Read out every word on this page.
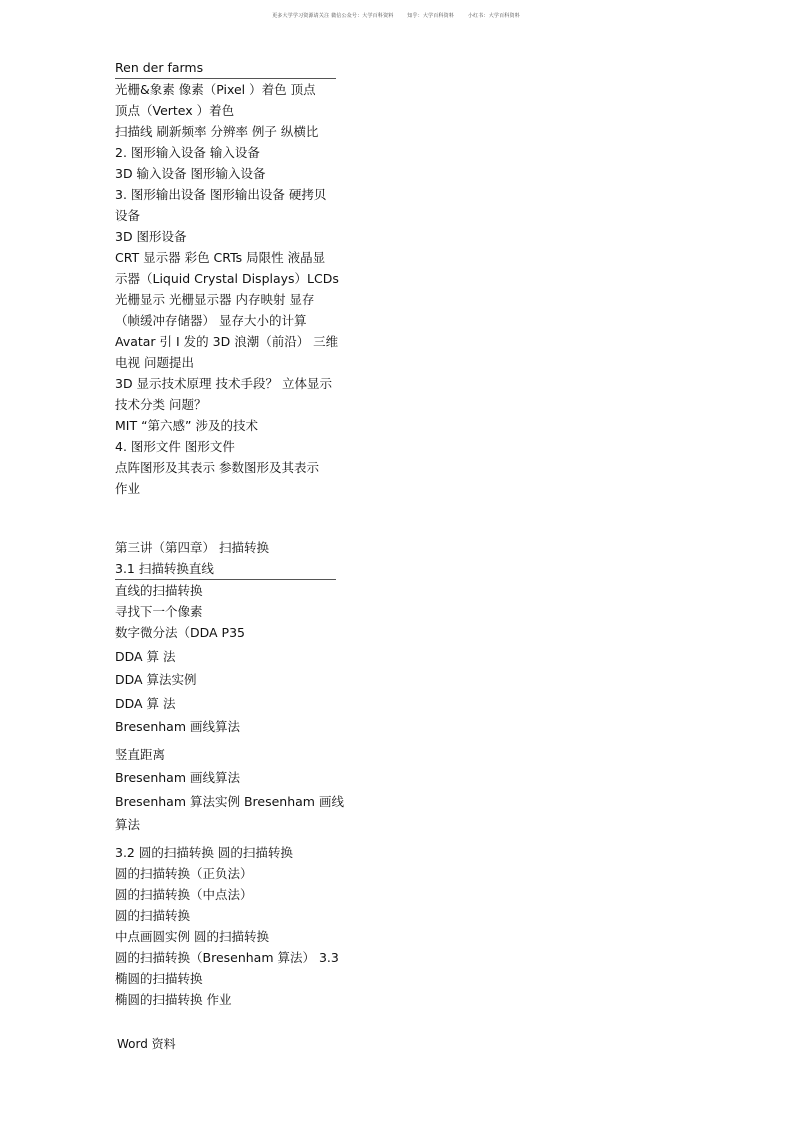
更多大学学习资源请关注 微信公众号：大学百科资料	知乎：大学百科资料	小红书：大学百科资料
Ren der farms
光栅&象素 像素（Pixel ）着色 顶点
顶点（Vertex ）着色
扫描线 刷新频率 分辨率 例子 纵横比
2. 图形输入设备 输入设备
3D 输入设备 图形输入设备
3. 图形输出设备 图形输出设备 硬拷贝
设备
3D 图形设备
CRT 显示器 彩色 CRTs 局限性 液晶显
示器（Liquid Crystal Displays）LCDs
光栅显示 光栅显示器 内存映射 显存
（帧缓冲存储器） 显存大小的计算
Avatar 引 I 发的 3D 浪潮（前沿） 三维
电视 问题提出
3D 显示技术原理 技术手段？ 立体显示
技术分类 问题？
MIT “第六感” 涉及的技术
4. 图形文件 图形文件
点阵图形及其表示 参数图形及其表示
作业
第三讲（第四章） 扫描转换
3.1 扫描转换直线
直线的扫描转换
寻找下一个像素
数字微分法（DDA P35
DDA 算 法
DDA 算法实例
DDA 算 法
Bresenham 画线算法
竖直距离
Bresenham 画线算法
Bresenham 算法实例 Bresenham 画线
算法
3.2 圆的扫描转换 圆的扫描转换
圆的扫描转换（正负法）
圆的扫描转换（中点法）
圆的扫描转换
中点画圆实例 圆的扫描转换
圆的扫描转换（Bresenham 算法） 3.3
椭圆的扫描转换
椭圆的扫描转换 作业
Word 资料
